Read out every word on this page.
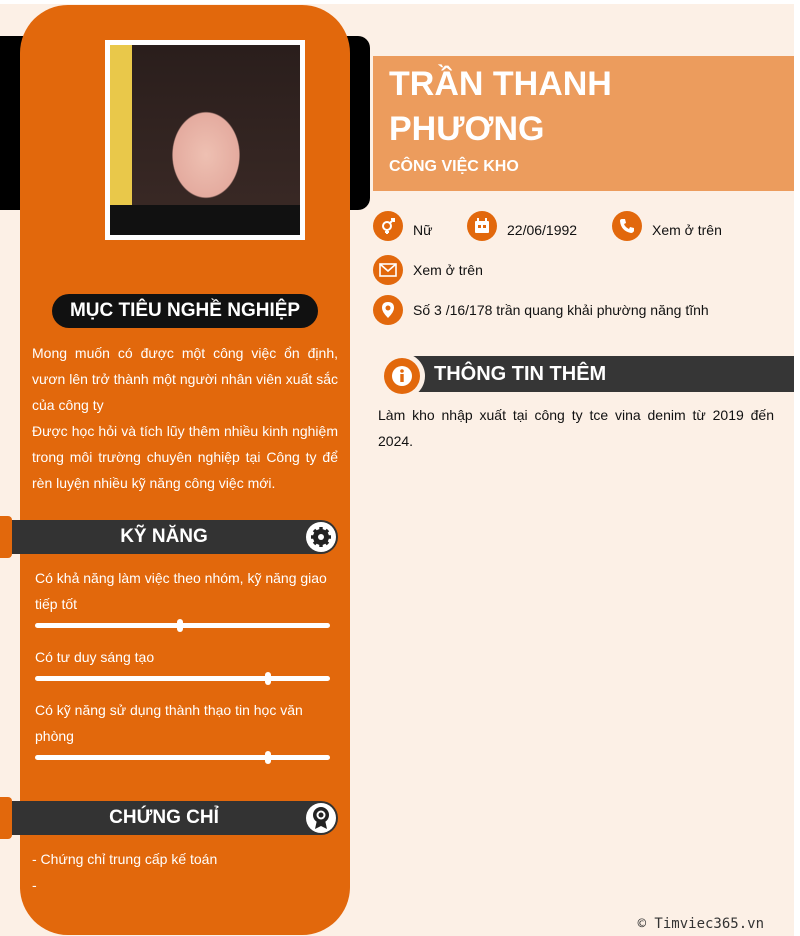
TRẦN THANH PHƯƠNG
CÔNG VIỆC KHO
Nữ	22/06/1992	Xem ở trên
Xem ở trên
Số 3 /16/178 trần quang khải phường năng tĩnh
THÔNG TIN THÊM
Làm kho nhập xuất tại công ty tce vina denim từ 2019 đến 2024.
© Timviec365.vn
MỤC TIÊU NGHỀ NGHIỆP
Mong muốn có được một công việc ổn định, vươn lên trở thành một người nhân viên xuất sắc của công ty
Được học hỏi và tích lũy thêm nhiều kinh nghiệm trong môi trường chuyên nghiệp tại Công ty để rèn luyện nhiều kỹ năng công việc mới.
KỸ NĂNG
Có khả năng làm việc theo nhóm, kỹ năng giao tiếp tốt
Có tư duy sáng tạo
Có kỹ năng sử dụng thành thạo tin học văn phòng
CHỨNG CHỈ
- Chứng chỉ trung cấp kế toán
-
